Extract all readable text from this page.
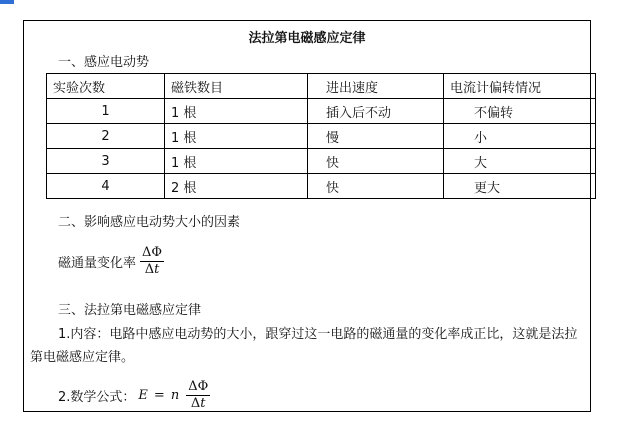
法拉第电磁感应定律
一、感应电动势
实验次数	磁铁数目	进出速度	电流计偏转情况
1	1 根	插入后不动	不偏转
2	1 根	慢	小
3	1 根	快	大
4	2 根	快	更大
二、影响感应电动势大小的因素
磁通量变化率 $\frac{\Delta\Phi}{\Delta t}$
三、法拉第电磁感应定律
1.内容：电路中感应电动势的大小，跟穿过这一电路的磁通量的变化率成正比，这就是法拉第电磁感应定律。
2.数学公式： E = n $\frac{\Delta\Phi}{\Delta t}$
